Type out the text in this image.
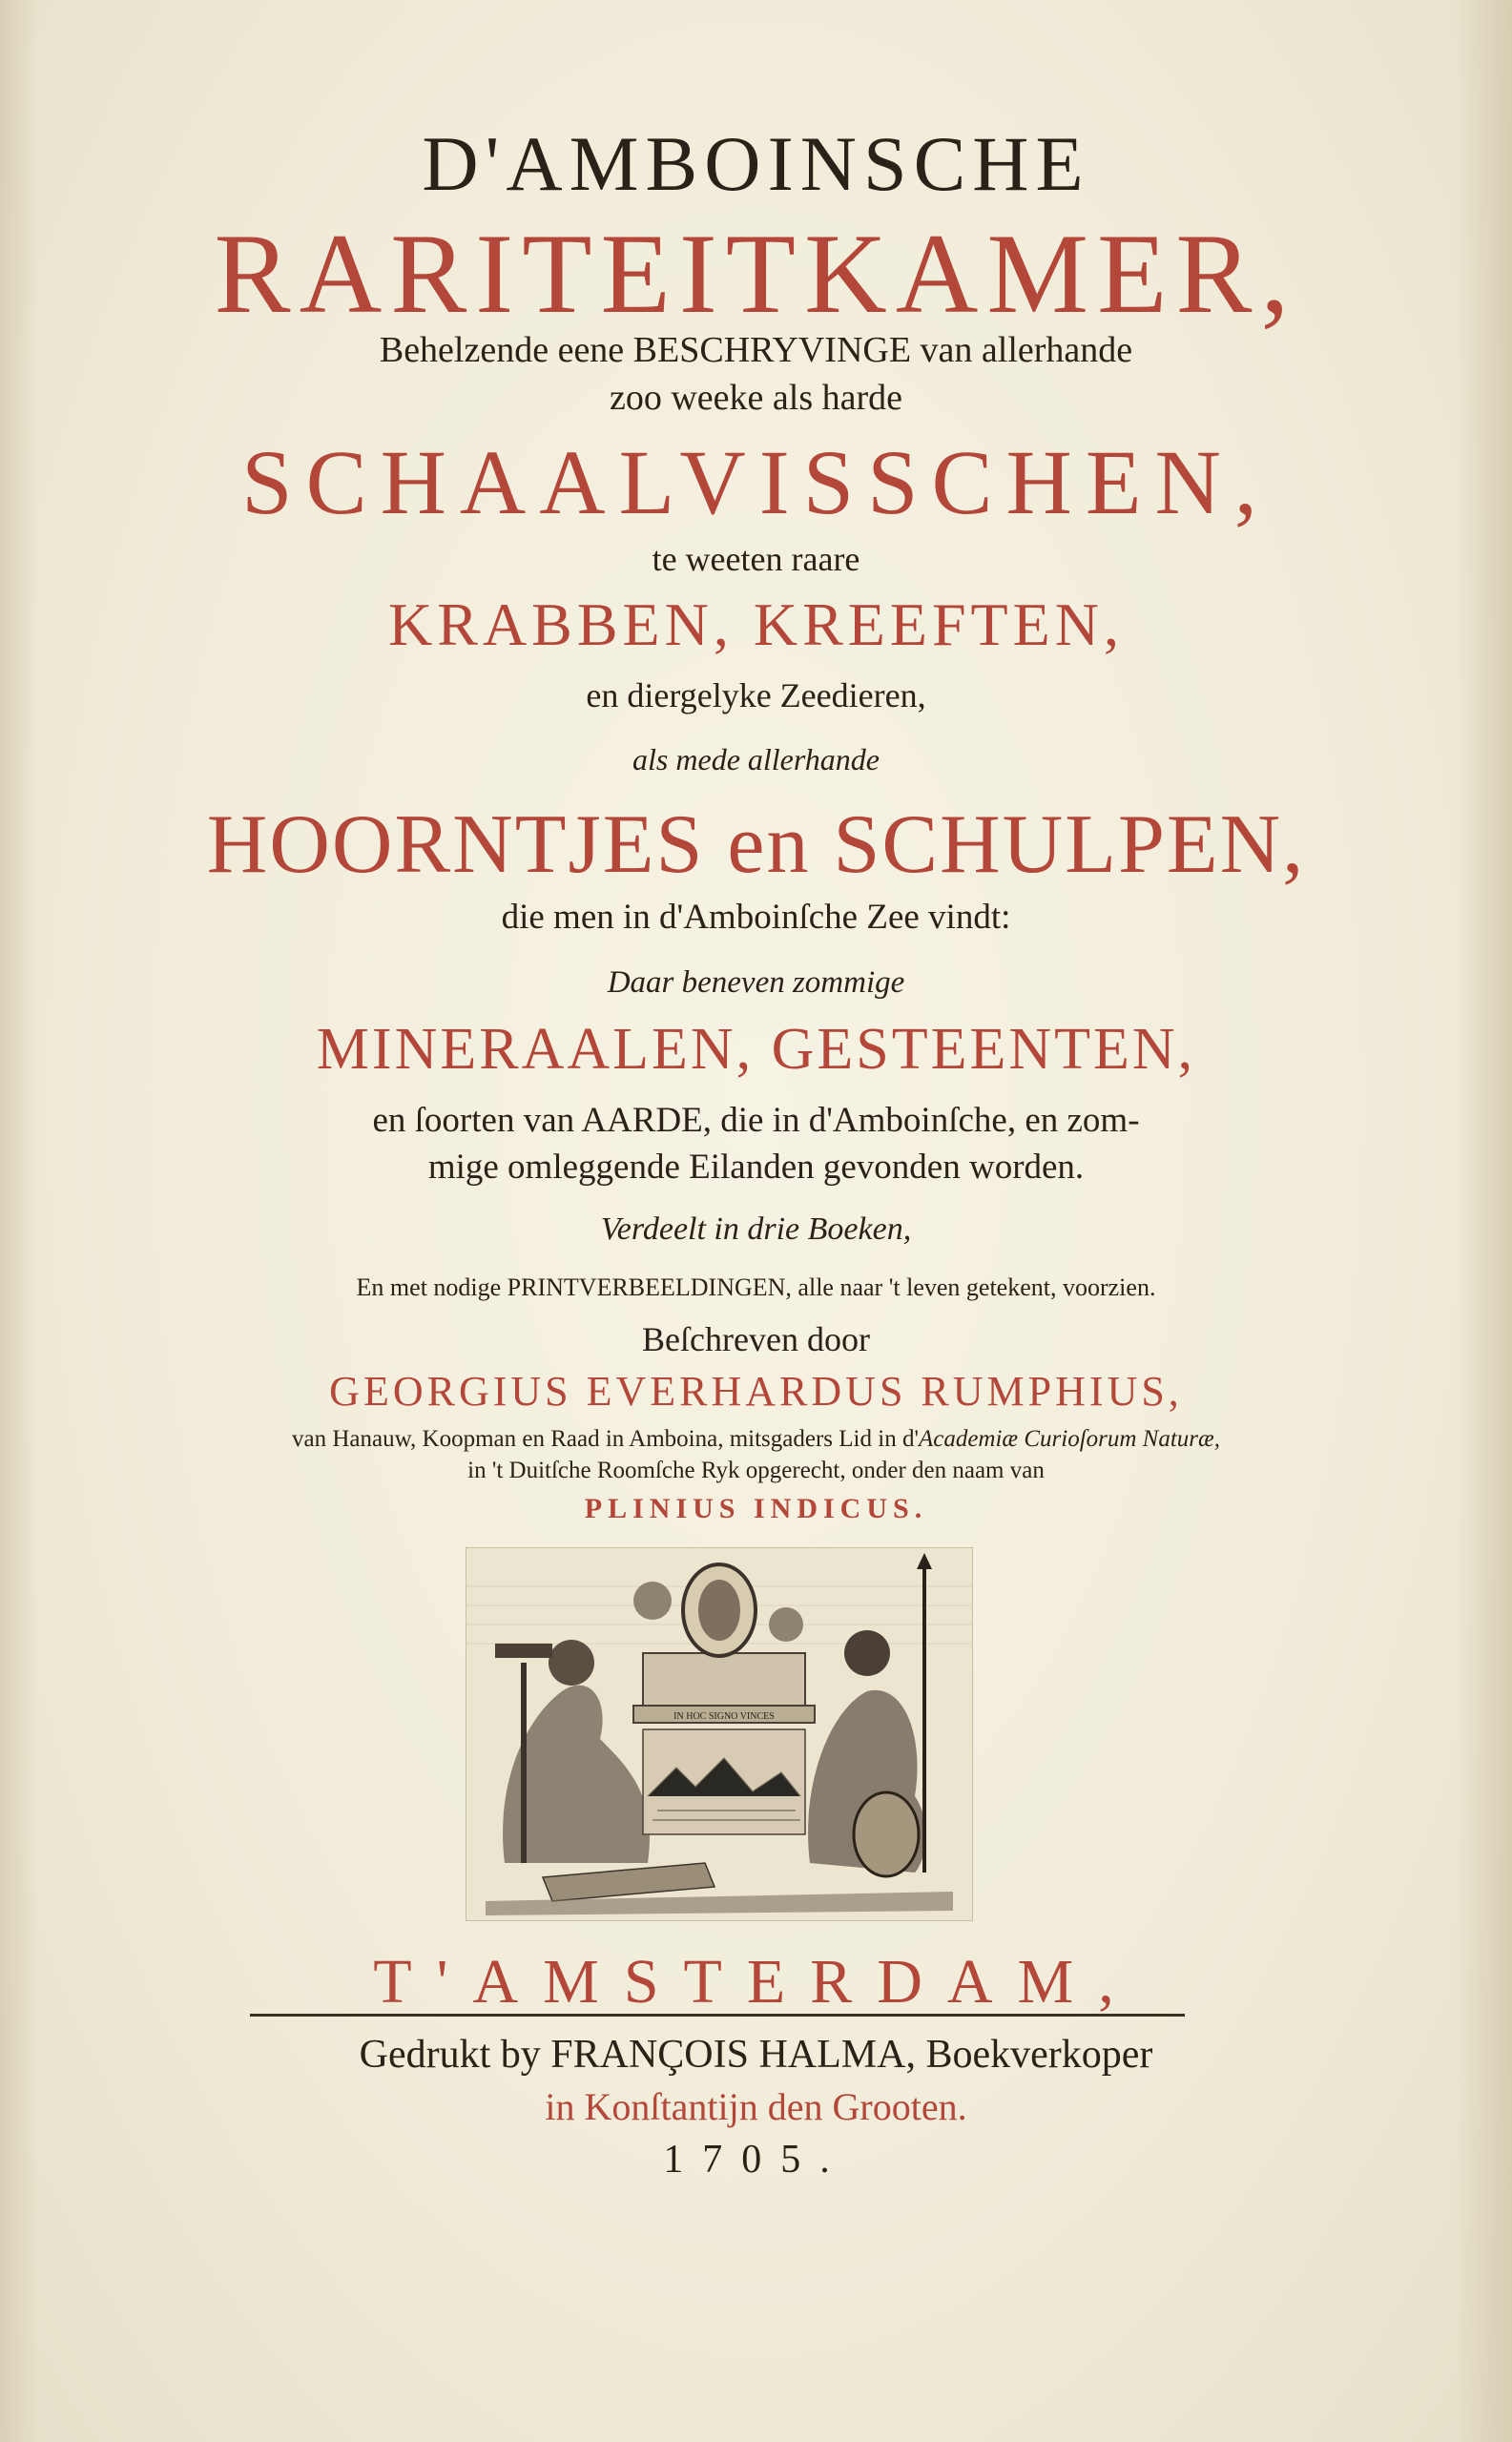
D'AMBOINSCHE
RARITEITKAMER,
Behelzende eene BESCHRYVINGE van allerhande
zoo weeke als harde
SCHAALVISSCHEN,
te weeten raare
KRABBEN, KREEFTEN,
en diergelyke Zeedieren,
als mede allerhande
HOORNTJES en SCHULPEN,
die men in d'Amboinſche Zee vindt:
Daar beneven zommige
MINERAALEN, GESTEENTEN,
en ſoorten van AARDE, die in d'Amboinſche, en zom-
mige omleggende Eilanden gevonden worden.
Verdeelt in drie Boeken,
En met nodige PRINTVERBEELDINGEN, alle naar 't leven getekent, voorzien.
Beſchreven door
GEORGIUS EVERHARDUS RUMPHIUS,
van Hanauw, Koopman en Raad in Amboina, mitsgaders Lid in d'Academiæ Curioſorum Naturæ,
in 't Duitſche Roomſche Ryk opgerecht, onder den naam van
PLINIUS INDICUS.
IN HOC SIGNO VINCES
T'AMSTERDAM,
Gedrukt by FRANÇOIS HALMA, Boekverkoper
in Konſtantijn den Grooten.
1705.
